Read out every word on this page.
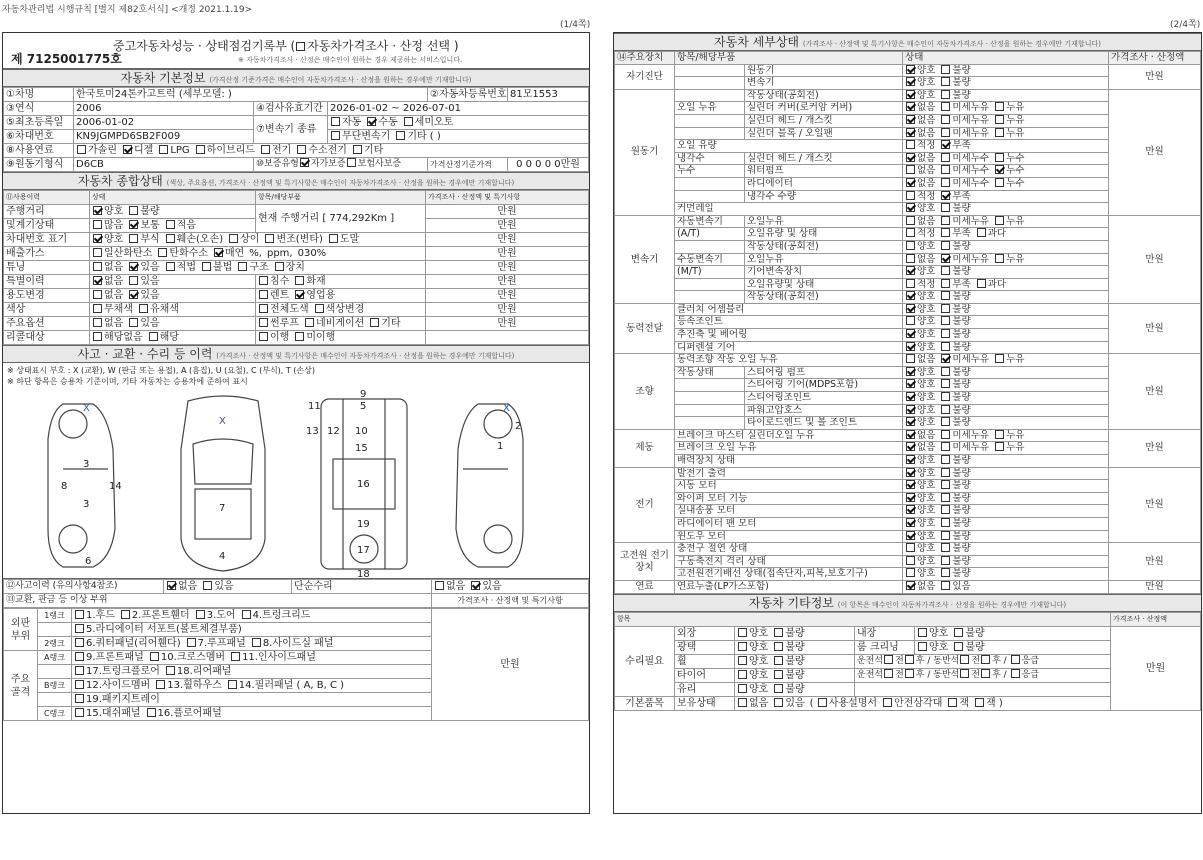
자동차관리법 시행규칙 [별지 제82호서식] <개정 2021.1.19>
(1/4쪽)	(2/4쪽)
중고자동차성능 · 상태점검기록부 ( 자동차가격조사 · 산정 선택 )
※ 자동차가격조사 · 산정은 매수인이 원하는 경우 제공하는 서비스입니다.
제 7125001775호
자동차 기본정보 (가격산정 기준가격은 매수인이 자동차가격조사 · 산정을 원하는 경우에만 기재합니다)
①차명	한국토미24톤카고트럭 (세부모델: )			②자동차등록번호	81모1553
③연식	2006	④검사유효기간	2026-01-02 ~ 2026-07-01		
⑤최초등록일	2006-01-02	⑦변속기 종류	자동 수동 세미오토		
⑥차대번호	KN9JGMPD6SB2F009		무단변속기 기타 ( )		
⑧사용연료	가솔린 디젤 LPG 하이브리드 전기 수소전기 기타				
⑨원동기형식	D6CB	⑩보증유형 자가보증 보험사보증		가격산정기준가격	0 0 0 0 0만원
자동차 종합상태 (색상, 주요옵션, 가격조사 · 산정액 및 특기사항은 매수인이 자동차가격조사 · 산정을 원하는 경우에만 기재합니다)
⑪사용이력	상태	항목/해당부품	가격조사 · 산정액 및 특기사항
주행거리	양호 불량	현재 주행거리 [ 774,292Km ]	만원
및계기상태	많음 보통 적음		만원
차대번호 표기	양호 부식 훼손(오손) 상이 변조(변타) 도말		만원
배출가스	일산화탄소 탄화수소 매연 %, ppm, 030%		만원
튜닝	없음 있음 적법 불법 구조 장치		만원
특별이력	없음 있음	침수 화재	만원
용도변경	없음 있음	렌트 영업용	만원
색상	무채색 유채색	전체도색 색상변경	만원
주요옵션	없음 있음	썬루프 네비게이션 기타	만원
리콜대상	해당없음 해당	이행 미이행	
사고 · 교환 · 수리 등 이력 (가격조사 · 산정액 및 특기사항은 매수인이 자동차가격조사 · 산정을 원하는 경우에만 기재합니다)
※ 상태표시 부호 : X (교환), W (판금 또는 용접), A (흠집), U (요철), C (부식), T (손상)
※ 하단 항목은 승용차 기준이며, 기타 자동차는 승용차에 준하여 표시
X
X
X
3
3
6
8	14
7
4
9
5
11
13 12 10
15
16
19
17
18
1
2
⑫사고이력 (유의사항4참조)	없음 있음	단순수리	없음 있음
⑬교환, 판금 등 이상 부위			가격조사 · 산정액 및 특기사항
외판 부위	1랭크	1.후드 2.프론트휀더 3.도어 4.트렁크리드	만원
		5.라디에이터 서포트(볼트체결부품)	
	2랭크	6.쿼터패널(리어휀다) 7.루프패널 8.사이드실 패널	
주요 골격	A랭크	9.프론트패널 10.크로스멤버 11.인사이드패널	
		17.트렁크플로어 18.리어패널	
	B랭크	12.사이드멤버 13.휠하우스 14.필러패널 ( A, B, C )	
		19.패키지트레이	
	C랭크	15.대쉬패널 16.플로어패널	
자동차 세부상태 (가격조사 · 산정액 및 특기사항은 매수인이 자동차가격조사 · 산정을 원하는 경우에만 기재합니다)
⑭주요장치	항목/해당부품		상태	가격조사 · 산정액
자기진단		원동기	양호 불량	만원
		변속기	양호 불량	
원동기		작동상태(공회전)	양호 불량	만원
	오일 누유	실린더 커버(로커암 커버)	없음 미세누유 누유	
		실린더 헤드 / 개스킷	없음 미세누유 누유	
		실린더 블록 / 오일팬	없음 미세누유 누유	
	오일 유량		적정 부족	
	냉각수	실린더 헤드 / 개스킷	없음 미세누수 누수	
	누수	워터펌프	없음 미세누수 누수	
		라디에이터	없음 미세누수 누수	
		냉각수 수량	적정 부족	
	커먼레일		양호 불량	
변속기	자동변속기	오일누유	없음 미세누유 누유	만원
	(A/T)	오일유량 및 상태	적정 부족 과다	
		작동상태(공회전)	양호 불량	
	수동변속기	오일누유	없음 미세누유 누유	
	(M/T)	기어변속장치	양호 불량	
		오일유량및 상태	적정 부족 과다	
		작동상태(공회전)	양호 불량	
동력전달	클러치 어셈블리		양호 불량	만원
	등속조인트		양호 불량	
	추진축 및 베어링		양호 불량	
	디퍼렌셜 기어		양호 불량	
조향	동력조향 작동 오일 누유		없음 미세누유 누유	만원
	작동상태	스티어링 펌프	양호 불량	
		스티어링 기어(MDPS포함)	양호 불량	
		스티어링조인트	양호 불량	
		파워고압호스	양호 불량	
		타이로드엔드 및 볼 조인트	양호 불량	
제동	브레이크 마스터 실린더오일 누유		없음 미세누유 누유	만원
	브레이크 오일 누유		없음 미세누유 누유	
	배력장치 상태		양호 불량	
전기	발전기 출력		양호 불량	만원
	시동 모터		양호 불량	
	와이퍼 모터 기능		양호 불량	
	실내송풍 모터		양호 불량	
	라디에이터 팬 모터		양호 불량	
	윈도우 모터		양호 불량	
고전원 전기장치	충전구 절연 상태		양호 불량	만원
	구동축전지 격리 상태		양호 불량	
	고전원전기배선 상태(접속단자,피복,보호기구)		양호 불량	
연료	연료누출(LP가스포함)		없음 있음	만원
자동차 기타정보 (이 항목은 매수인이 자동차가격조사 · 산정을 원하는 경우에만 기재합니다)
항목					가격조사 · 산정액
수리필요	외장	양호 불량	내장	양호 불량	만원
	광택	양호 불량	룸 크리닝	양호 불량	
	휠	양호 불량	운전석 전 후 / 동반석 전 후 / 응급		
	타이어	양호 불량	운전석 전 후 / 동반석 전 후 / 응급		
	유리	양호 불량			
기본품목	보유상태	없음 있음 ( 사용설명서 안전삼각대 잭 잭 )			
